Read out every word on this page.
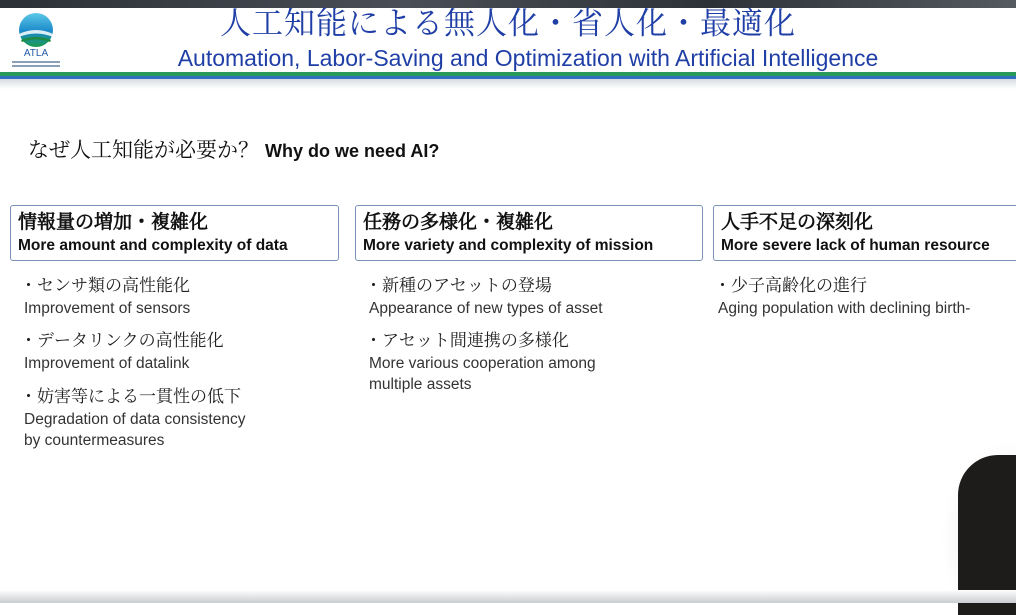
ATLA
人工知能による無人化・省人化・最適化
Automation, Labor-Saving and Optimization with Artificial Intelligence
なぜ人工知能が必要か？ Why do we need AI?
情報量の増加・複雑化
More amount and complexity of data
・センサ類の高性能化
Improvement of sensors
・データリンクの高性能化
Improvement of datalink
・妨害等による一貫性の低下
Degradation of data consistency
by countermeasures
任務の多様化・複雑化
More variety and complexity of mission
・新種のアセットの登場
Appearance of new types of asset
・アセット間連携の多様化
More various cooperation among
multiple assets
人手不足の深刻化
More severe lack of human resource
・少子高齢化の進行
Aging population with declining birth-
